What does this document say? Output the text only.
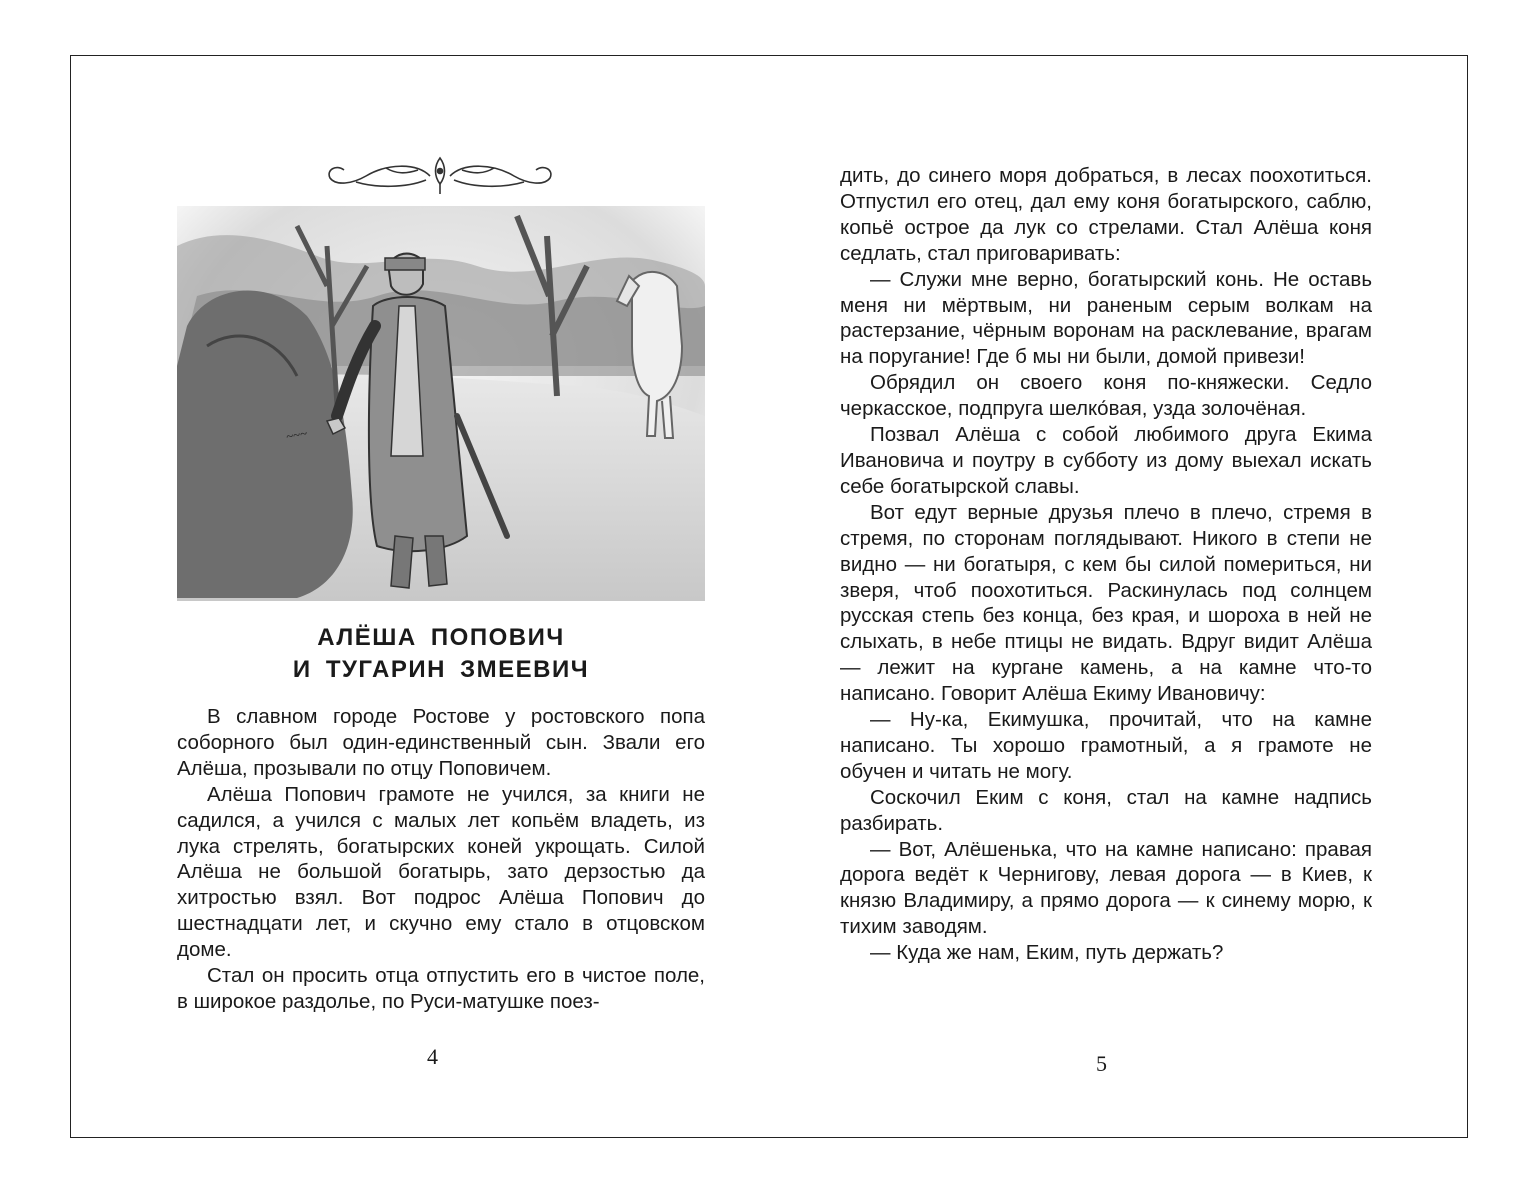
~~~
АЛЁША ПОПОВИЧ
И ТУГАРИН ЗМЕЕВИЧ

В славном городе Ростове у ростовского попа соборного был один-единственный сын. Звали его Алёша, прозывали по отцу Поповичем.

Алёша Попович грамоте не учился, за книги не садился, а учился с малых лет копьём владеть, из лука стрелять, богатырских коней укрощать. Силой Алёша не большой богатырь, зато дерзостью да хитростью взял. Вот подрос Алёша Попович до шестнадцати лет, и скучно ему стало в отцовском доме.

Стал он просить отца отпустить его в чистое поле, в широкое раздолье, по Руси-матушке поез-

4

дить, до синего моря добраться, в лесах поохотиться. Отпустил его отец, дал ему коня богатырского, саблю, копьё острое да лук со стрелами. Стал Алёша коня седлать, стал приговаривать:

— Служи мне верно, богатырский конь. Не оставь меня ни мёртвым, ни раненым серым волкам на растерзание, чёрным воронам на расклевание, врагам на поругание! Где б мы ни были, домой привези!

Обрядил он своего коня по-княжески. Седло черкасское, подпруга шелко́вая, узда золочёная.

Позвал Алёша с собой любимого друга Екима Ивановича и поутру в субботу из дому выехал искать себе богатырской славы.

Вот едут верные друзья плечо в плечо, стремя в стремя, по сторонам поглядывают. Никого в степи не видно — ни богатыря, с кем бы силой помериться, ни зверя, чтоб поохотиться. Раскинулась под солнцем русская степь без конца, без края, и шороха в ней не слыхать, в небе птицы не видать. Вдруг видит Алёша — лежит на кургане камень, а на камне что-то написано. Говорит Алёша Екиму Ивановичу:

— Ну-ка, Екимушка, прочитай, что на камне написано. Ты хорошо грамотный, а я грамоте не обучен и читать не могу.

Соскочил Еким с коня, стал на камне надпись разбирать.

— Вот, Алёшенька, что на камне написано: правая дорога ведёт к Чернигову, левая дорога — в Киев, к князю Владимиру, а прямо дорога — к синему морю, к тихим заводям.

— Куда же нам, Еким, путь держать?

5
